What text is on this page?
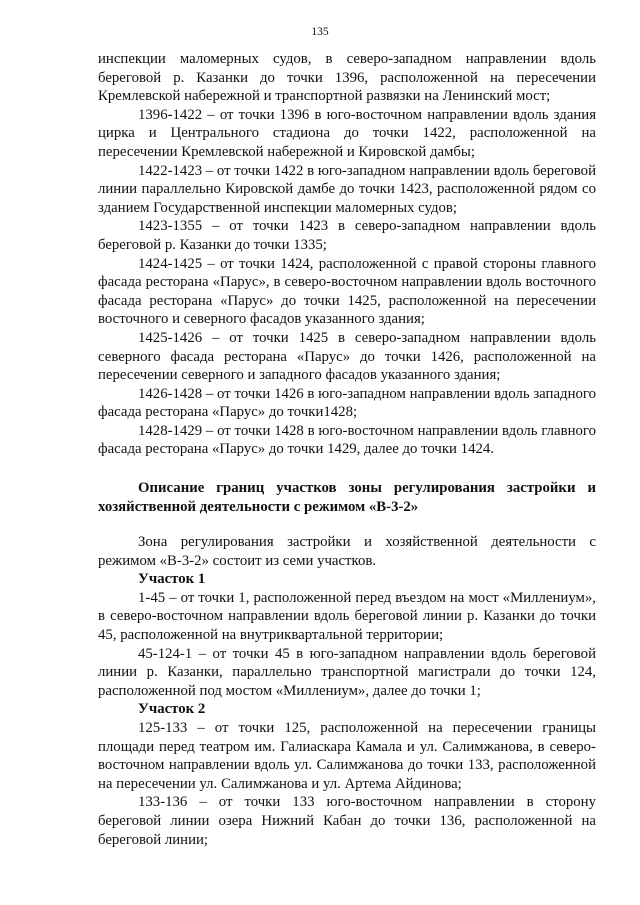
135

инспекции маломерных судов, в северо-западном направлении вдоль береговой р. Казанки до точки 1396, расположенной на пересечении Кремлевской набережной и транспортной развязки на Ленинский мост;

1396-1422 – от точки 1396 в юго-восточном направлении вдоль здания цирка и Центрального стадиона до точки 1422, расположенной на пересечении Кремлевской набережной и Кировской дамбы;

1422-1423 – от точки 1422 в юго-западном направлении вдоль береговой линии параллельно Кировской дамбе до точки 1423, расположенной рядом со зданием Государственной инспекции маломерных судов;

1423-1355 – от точки 1423 в северо-западном направлении вдоль береговой р. Казанки до точки 1335;

1424-1425 – от точки 1424, расположенной с правой стороны главного фасада ресторана «Парус», в северо-восточном направлении вдоль восточного фасада ресторана «Парус» до точки 1425, расположенной на пересечении восточного и северного фасадов указанного здания;

1425-1426 – от точки 1425 в северо-западном направлении вдоль северного фасада ресторана «Парус» до точки 1426, расположенной на пересечении северного и западного фасадов указанного здания;

1426-1428 – от точки 1426 в юго-западном направлении вдоль западного фасада ресторана «Парус» до точки1428;

1428-1429 – от точки 1428 в юго-восточном направлении вдоль главного фасада ресторана «Парус» до точки 1429, далее до точки 1424.

Описание границ участков зоны регулирования застройки и хозяйственной деятельности с режимом «В-3-2»

Зона регулирования застройки и хозяйственной деятельности с режимом «В-3-2» состоит из семи участков.

Участок 1

1-45 – от точки 1, расположенной перед въездом на мост «Миллениум», в северо-восточном направлении вдоль береговой линии р. Казанки до точки 45, расположенной на внутриквартальной территории;

45-124-1 – от точки 45 в юго-западном направлении вдоль береговой линии р. Казанки, параллельно транспортной магистрали до точки 124, расположенной под мостом «Миллениум», далее до точки 1;

Участок 2

125-133 – от точки 125, расположенной на пересечении границы площади перед театром им. Галиаскара Камала и ул. Салимжанова, в северо-восточном направлении вдоль ул. Салимжанова до точки 133, расположенной на пересечении ул. Салимжанова и ул. Артема Айдинова;

133-136 – от точки 133 юго-восточном направлении в сторону береговой линии озера Нижний Кабан до точки 136, расположенной на береговой линии;
